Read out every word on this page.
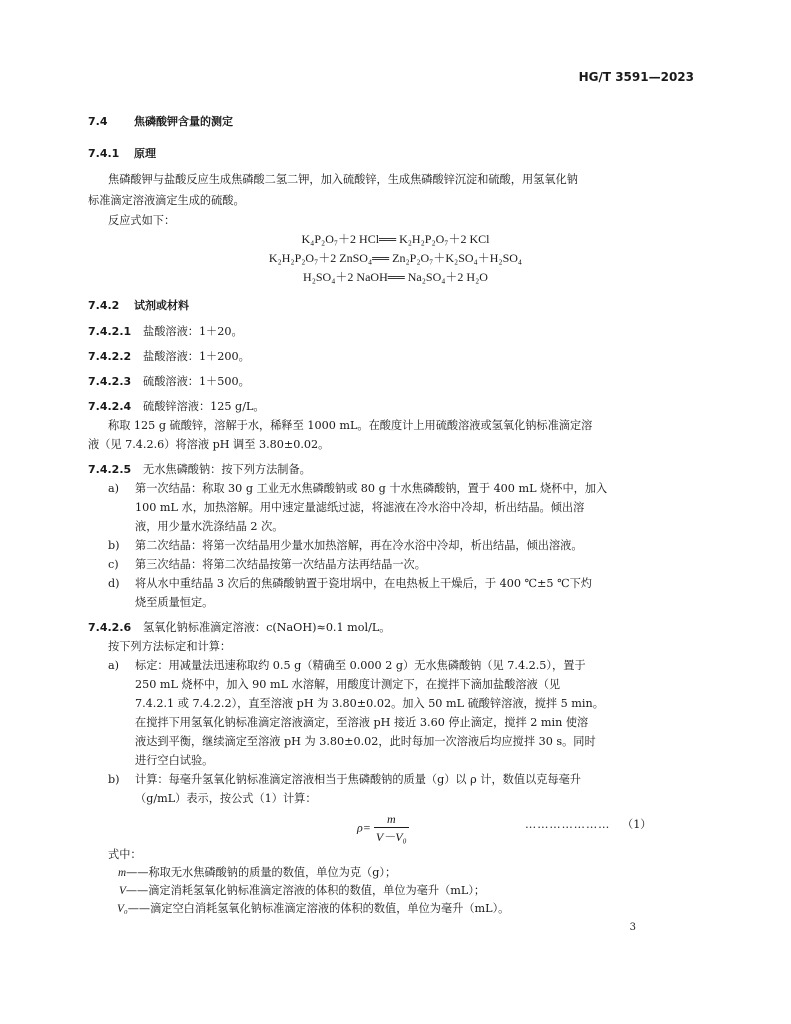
HG/T 3591—2023
7.4 焦磷酸钾含量的测定
7.4.1 原理
焦磷酸钾与盐酸反应生成焦磷酸二氢二钾，加入硫酸锌，生成焦磷酸锌沉淀和硫酸，用氢氧化钠
标准滴定溶液滴定生成的硫酸。
反应式如下：
K₄P₂O₇＋2 HCl══ K₂H₂P₂O₇＋2 KCl
K₂H₂P₂O₇＋2 ZnSO₄══ Zn₂P₂O₇＋K₂SO₄＋H₂SO₄
H₂SO₄＋2 NaOH══ Na₂SO₄＋2 H₂O
7.4.2 试剂或材料
7.4.2.1 盐酸溶液：1＋20。
7.4.2.2 盐酸溶液：1＋200。
7.4.2.3 硫酸溶液：1＋500。
7.4.2.4 硫酸锌溶液：125 g/L。
称取 125 g 硫酸锌，溶解于水，稀释至 1000 mL。在酸度计上用硫酸溶液或氢氧化钠标准滴定溶
液（见 7.4.2.6）将溶液 pH 调至 3.80±0.02。
7.4.2.5 无水焦磷酸钠：按下列方法制备。
a) 第一次结晶：称取 30 g 工业无水焦磷酸钠或 80 g 十水焦磷酸钠，置于 400 mL 烧杯中，加入
100 mL 水，加热溶解。用中速定量滤纸过滤，将滤液在冷水浴中冷却，析出结晶。倾出溶
液，用少量水洗涤结晶 2 次。
b) 第二次结晶：将第一次结晶用少量水加热溶解，再在冷水浴中冷却，析出结晶，倾出溶液。
c) 第三次结晶：将第二次结晶按第一次结晶方法再结晶一次。
d) 将从水中重结晶 3 次后的焦磷酸钠置于瓷坩埚中，在电热板上干燥后，于 400 ℃±5 ℃下灼
烧至质量恒定。
7.4.2.6 氢氧化钠标准滴定溶液：c(NaOH)≈0.1 mol/L。
按下列方法标定和计算：
a) 标定：用减量法迅速称取约 0.5 g（精确至 0.000 2 g）无水焦磷酸钠（见 7.4.2.5），置于
250 mL 烧杯中，加入 90 mL 水溶解，用酸度计测定下，在搅拌下滴加盐酸溶液（见
7.4.2.1 或 7.4.2.2），直至溶液 pH 为 3.80±0.02。加入 50 mL 硫酸锌溶液，搅拌 5 min。
在搅拌下用氢氧化钠标准滴定溶液滴定，至溶液 pH 接近 3.60 停止滴定，搅拌 2 min 使溶
液达到平衡，继续滴定至溶液 pH 为 3.80±0.02，此时每加一次溶液后均应搅拌 30 s。同时
进行空白试验。
b) 计算：每毫升氢氧化钠标准滴定溶液相当于焦磷酸钠的质量（g）以 ρ 计，数值以克每毫升
（g/mL）表示，按公式（1）计算：
$\rho= \frac{m}{\text{V－V₀}}$	………………… （1）
式中：
m——称取无水焦磷酸钠的质量的数值，单位为克（g）；
V——滴定消耗氢氧化钠标准滴定溶液的体积的数值，单位为毫升（mL）；
V₀——滴定空白消耗氢氧化钠标准滴定溶液的体积的数值，单位为毫升（mL）。
3
